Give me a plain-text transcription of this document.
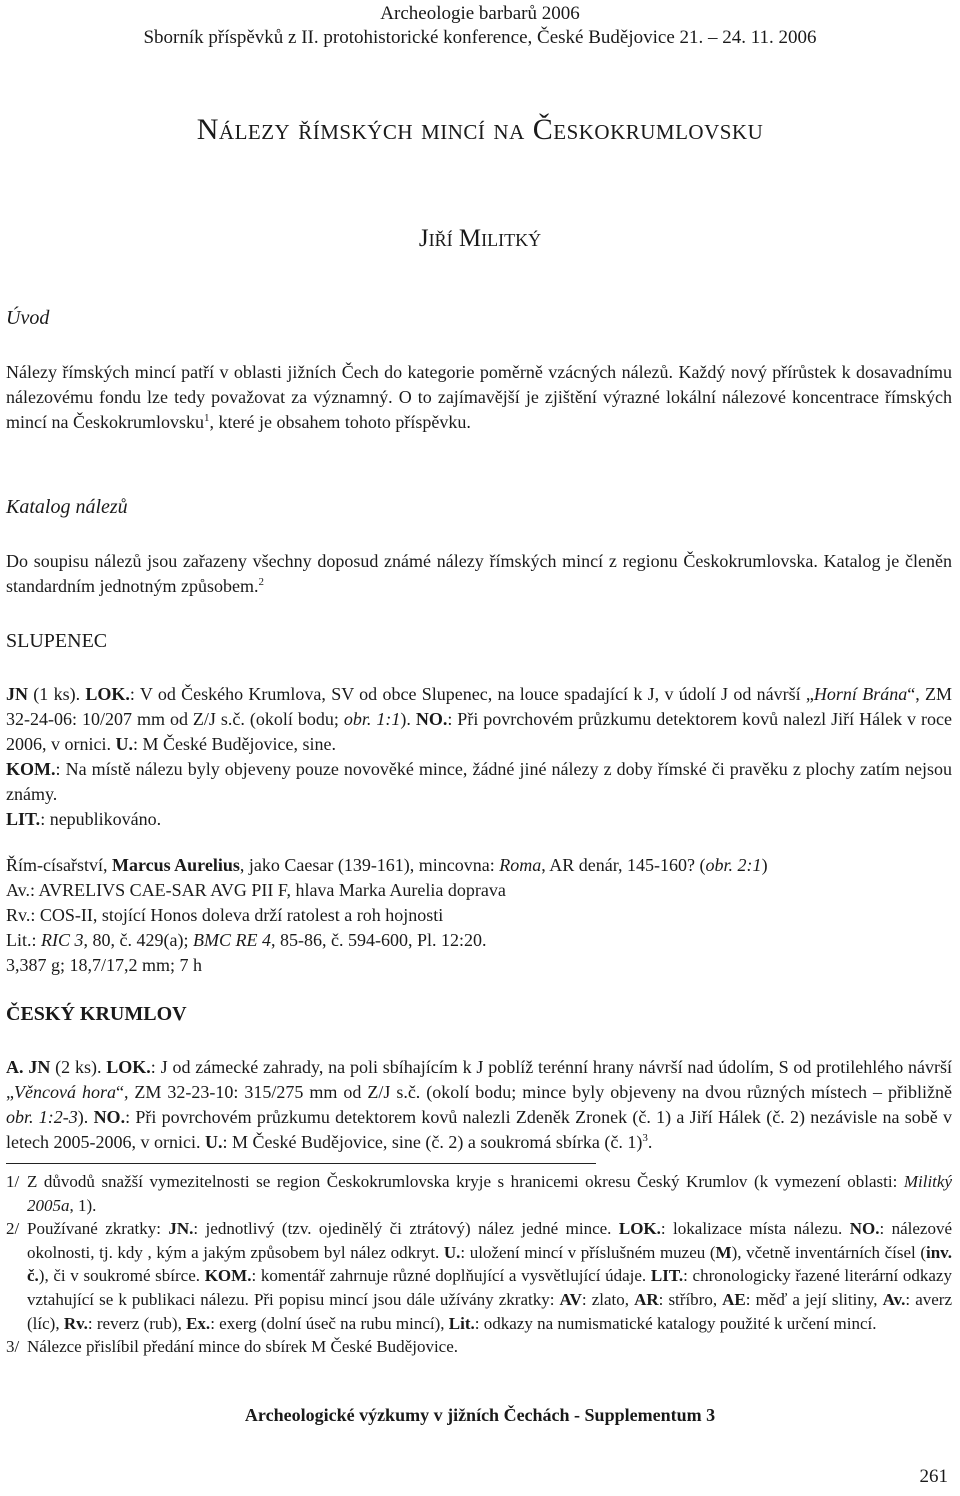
Archeologie barbarů 2006
Sborník příspěvků z II. protohistorické konference, České Budějovice 21. – 24. 11. 2006
Nálezy římských mincí na Českokrumlovsku
Jiří Militký

Úvod

Nálezy římských mincí patří v oblasti jižních Čech do kategorie poměrně vzácných nálezů. Každý nový přírůstek k dosavadnímu nálezovému fondu lze tedy považovat za významný. O to zajímavější je zjištění výrazné lokální nálezové koncentrace římských mincí na Českokrumlovsku$^1$, které je obsahem tohoto příspěvku.

Katalog nálezů

Do soupisu nálezů jsou zařazeny všechny doposud známé nálezy římských mincí z regionu Českokrumlovska. Katalog je členěn standardním jednotným způsobem.$^2$

SLUPENEC

JN (1 ks). LOK.: V od Českého Krumlova, SV od obce Slupenec, na louce spadající k J, v údolí J od návrší „Horní Brána“, ZM 32-24-06: 10/207 mm od Z/J s.č. (okolí bodu; obr. 1:1). NO.: Při povrchovém průzkumu detektorem kovů nalezl Jiří Hálek v roce 2006, v ornici. U.: M České Budějovice, sine.

KOM.: Na místě nálezu byly objeveny pouze novověké mince, žádné jiné nálezy z doby římské či pravěku z plochy zatím nejsou známy.

LIT.: nepublikováno.

Řím-císařství, Marcus Aurelius, jako Caesar (139-161), mincovna: Roma, AR denár, 145-160? (obr. 2:1)

Av.: AVRELIVS CAE-SAR AVG PII F, hlava Marka Aurelia doprava

Rv.: COS-II, stojící Honos doleva drží ratolest a roh hojnosti

Lit.: RIC 3, 80, č. 429(a); BMC RE 4, 85-86, č. 594-600, Pl. 12:20.

3,387 g; 18,7/17,2 mm; 7 h

ČESKÝ KRUMLOV

A. JN (2 ks). LOK.: J od zámecké zahrady, na poli sbíhajícím k J poblíž terénní hrany návrší nad údolím, S od protilehlého návrší „Věncová hora“, ZM 32-23-10: 315/275 mm od Z/J s.č. (okolí bodu; mince byly objeveny na dvou různých místech – přibližně obr. 1:2-3). NO.: Při povrchovém průzkumu detektorem kovů nalezli Zdeněk Zronek (č. 1) a Jiří Hálek (č. 2) nezávisle na sobě v letech 2005-2006, v ornici. U.: M České Budějovice, sine (č. 2) a soukromá sbírka (č. 1)$^3$.

1/ Z důvodů snažší vymezitelnosti se region Českokrumlovska kryje s hranicemi okresu Český Krumlov (k vymezení oblasti: Militký 2005a, 1).
2/ Používané zkratky: JN.: jednotlivý (tzv. ojedinělý či ztrátový) nález jedné mince. LOK.: lokalizace místa nálezu. NO.: nálezové okolnosti, tj. kdy , kým a jakým způsobem byl nález odkryt. U.: uložení mincí v příslušném muzeu (M), včetně inventárních čísel (inv. č.), či v soukromé sbírce. KOM.: komentář zahrnuje různé doplňující a vysvětlující údaje. LIT.: chronologicky řazené literární odkazy vztahující se k publikaci nálezu. Při popisu mincí jsou dále užívány zkratky: AV: zlato, AR: stříbro, AE: měď a její slitiny, Av.: averz (líc), Rv.: reverz (rub), Ex.: exerg (dolní úseč na rubu mincí), Lit.: odkazy na numismatické katalogy použité k určení mincí.
3/ Nálezce přislíbil předání mince do sbírek M České Budějovice.
Archeologické výzkumy v jižních Čechách - Supplementum 3
261
